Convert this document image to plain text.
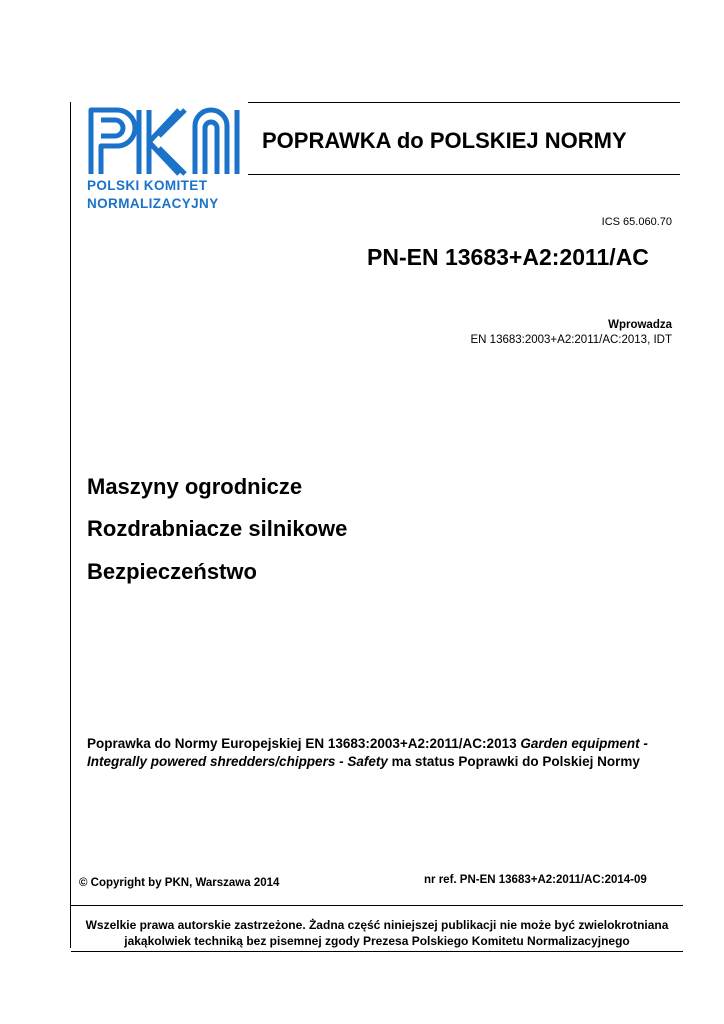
POLSKI KOMITET
NORMALIZACYJNY
POPRAWKA do POLSKIEJ NORMY
ICS 65.060.70
PN-EN 13683+A2:2011/AC
Wprowadza
EN 13683:2003+A2:2011/AC:2013, IDT
Maszyny ogrodnicze
Rozdrabniacze silnikowe
Bezpieczeństwo
Poprawka do Normy Europejskiej EN 13683:2003+A2:2011/AC:2013 Garden equipment - Integrally powered shredders/chippers - Safety ma status Poprawki do Polskiej Normy
© Copyright by PKN, Warszawa 2014	nr ref. PN-EN 13683+A2:2011/AC:2014-09
Wszelkie prawa autorskie zastrzeżone. Żadna część niniejszej publikacji nie może być zwielokrotniana jakąkolwiek techniką bez pisemnej zgody Prezesa Polskiego Komitetu Normalizacyjnego
